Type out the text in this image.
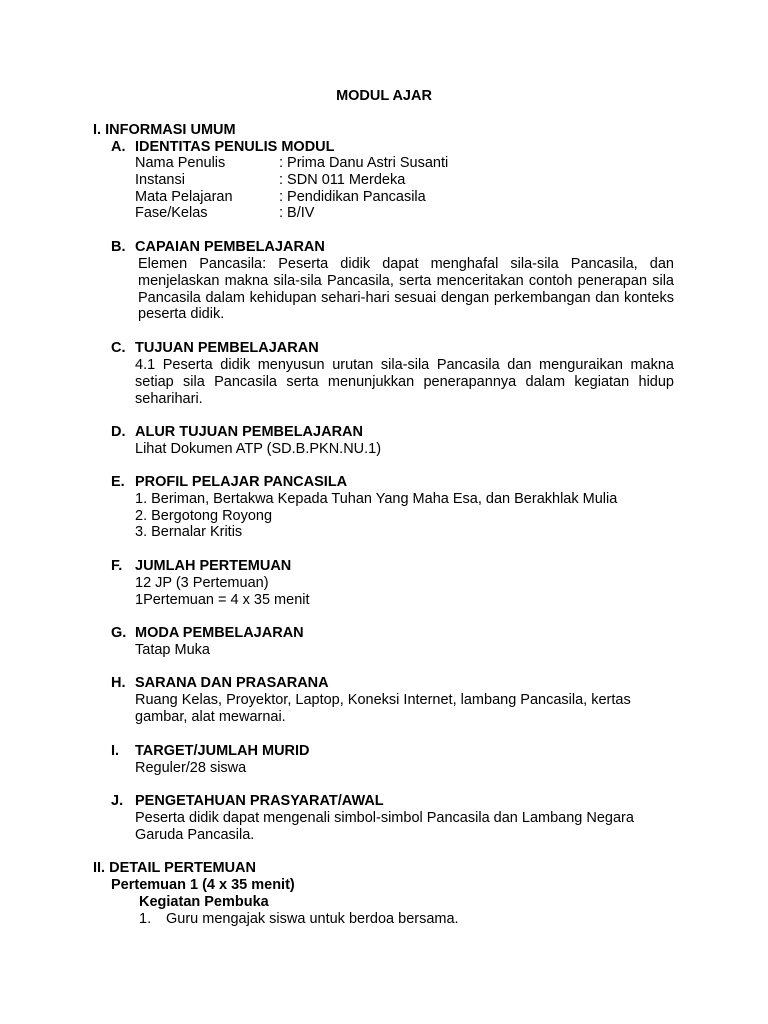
MODUL AJAR
I. INFORMASI UMUM
A. IDENTITAS PENULIS MODUL
Nama Penulis	: Prima Danu Astri Susanti
Instansi	: SDN 011 Merdeka
Mata Pelajaran	: Pendidikan Pancasila
Fase/Kelas	: B/IV
B. CAPAIAN PEMBELAJARAN
Elemen Pancasila: Peserta didik dapat menghafal sila-sila Pancasila, dan menjelaskan makna sila-sila Pancasila, serta menceritakan contoh penerapan sila Pancasila dalam kehidupan sehari-hari sesuai dengan perkembangan dan konteks peserta didik.
C. TUJUAN PEMBELAJARAN
4.1 Peserta didik menyusun urutan sila-sila Pancasila dan menguraikan makna setiap sila Pancasila serta menunjukkan penerapannya dalam kegiatan hidup seharihari.
D. ALUR TUJUAN PEMBELAJARAN
Lihat Dokumen ATP (SD.B.PKN.NU.1)
E. PROFIL PELAJAR PANCASILA
1. Beriman, Bertakwa Kepada Tuhan Yang Maha Esa, dan Berakhlak Mulia
2. Bergotong Royong
3. Bernalar Kritis
F. JUMLAH PERTEMUAN
12 JP (3 Pertemuan)
1Pertemuan = 4 x 35 menit
G. MODA PEMBELAJARAN
Tatap Muka
H. SARANA DAN PRASARANA
Ruang Kelas, Proyektor, Laptop, Koneksi Internet, lambang Pancasila, kertas gambar, alat mewarnai.
I. TARGET/JUMLAH MURID
Reguler/28 siswa
J. PENGETAHUAN PRASYARAT/AWAL
Peserta didik dapat mengenali simbol-simbol Pancasila dan Lambang Negara Garuda Pancasila.
II. DETAIL PERTEMUAN
Pertemuan 1 (4 x 35 menit)
Kegiatan Pembuka
1. Guru mengajak siswa untuk berdoa bersama.
